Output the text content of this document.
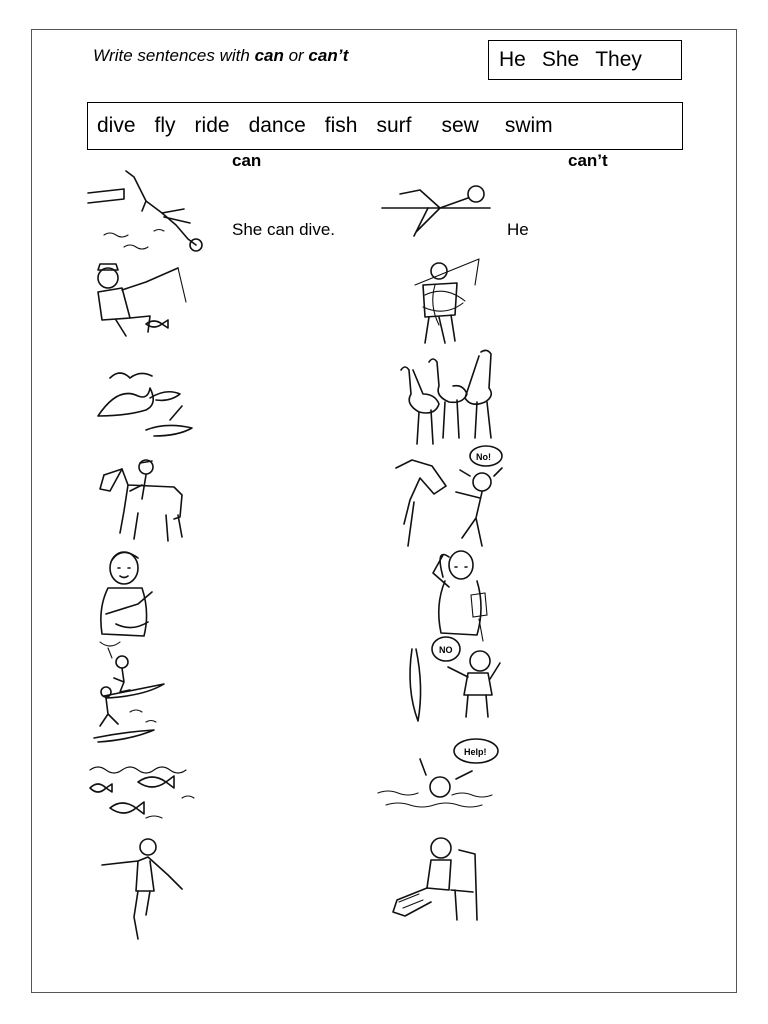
Write sentences with can or can’t	He She They
dive fly ride dance fish surf sew swim
can	can’t
She can dive.	He
No!
NO
Help!
